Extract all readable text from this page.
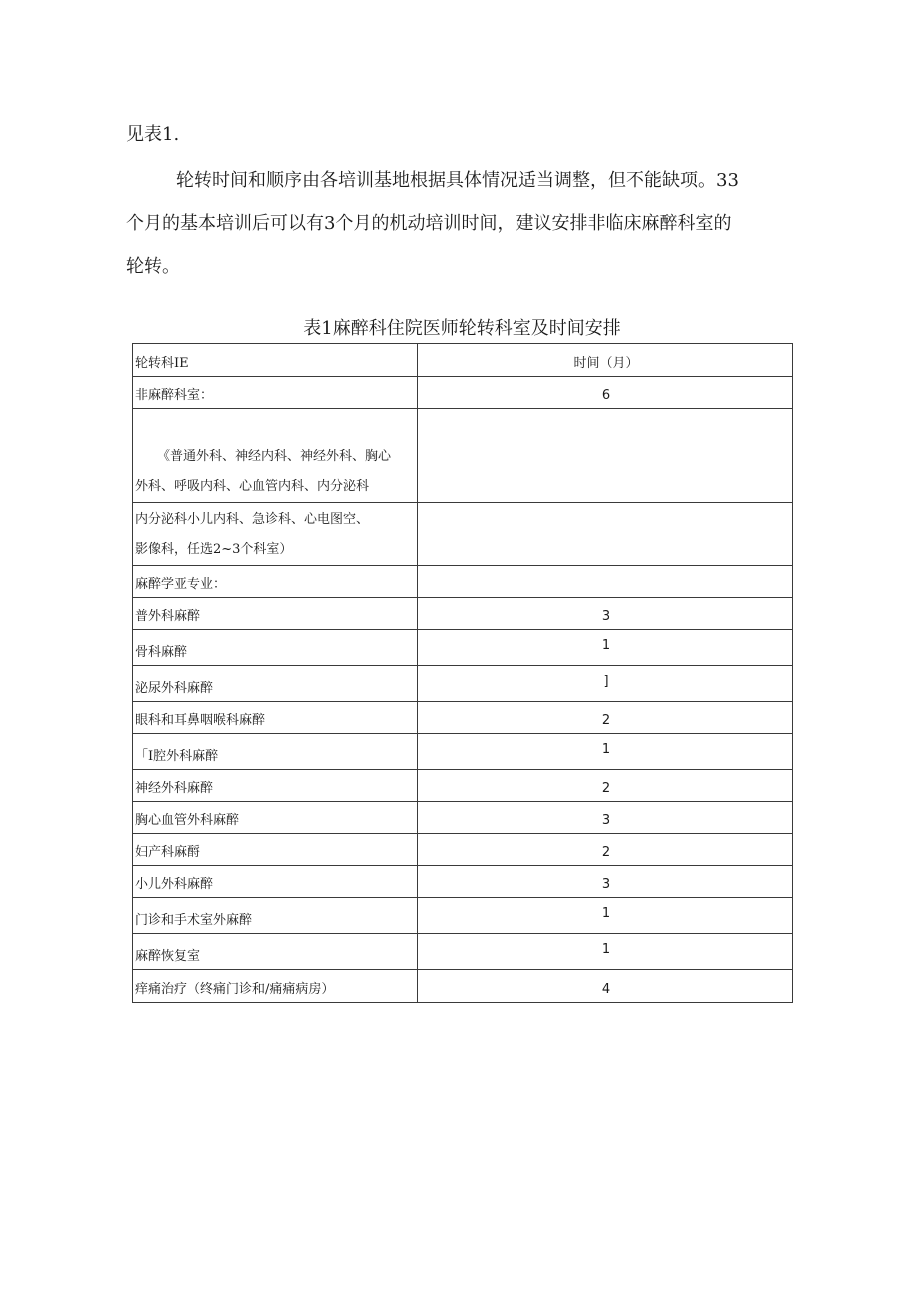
见表1.

轮转时间和顺序由各培训基地根据具体情况适当调整，但不能缺项。33
个月的基本培训后可以有3个月的机动培训时间，建议安排非临床麻醉科室的
轮转。

表1麻醉科住院医师轮转科室及时间安排
轮转科IE	时间（月）
非麻醉科室：	6

《普通外科、神经内科、神经外科、胸心
外科、呼吸内科、心血管内科、内分泌科	

内分泌科小儿内科、急诊科、心电图空、
影像科，任选2~3个科室）	

麻醉学亚专业：	
普外科麻醉	3
骨科麻醉	1
泌尿外科麻醉	]
眼科和耳鼻咽喉科麻醉	2
「I腔外科麻醉	1
神经外科麻醉	2
胸心血管外科麻醉	3
妇产科麻酹	2
小儿外科麻醉	3
门诊和手术室外麻醉	1
麻醉恢复室	1
痒痛治疗（终痛门诊和/痛痛病房）	4
